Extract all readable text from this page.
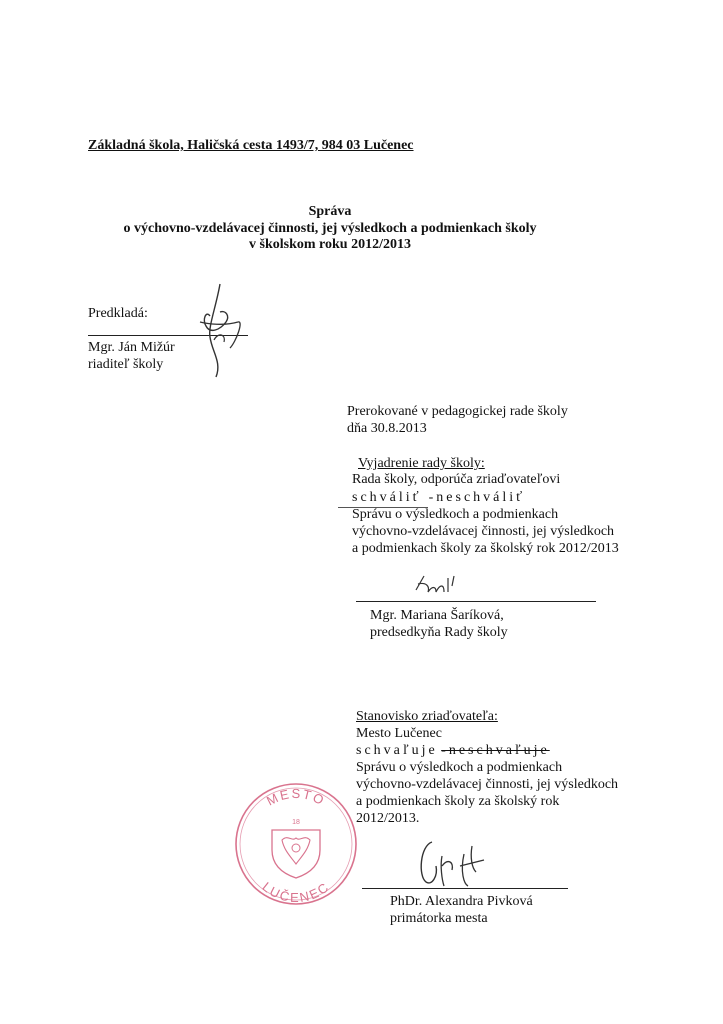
Základná škola, Haličská cesta 1493/7, 984 03 Lučenec
Správa
o výchovno-vzdelávacej činnosti, jej výsledkoch a podmienkach školy
v školskom roku 2012/2013
Predkladá:
Mgr. Ján Mižúr
riaditeľ školy
Prerokované v pedagogickej rade školy
dňa 30.8.2013
Vyjadrenie rady školy:
Rada školy, odporúča zriaďovateľovi
schváliť -neschváliť
Správu o výsledkoch a podmienkach
výchovno-vzdelávacej činnosti, jej výsledkoch
a podmienkach školy za školský rok 2012/2013
Mgr. Mariana Šaríková,
predsedkyňa Rady školy
Stanovisko zriaďovateľa:
Mesto Lučenec
schvaľuje -neschvaľuje
Správu o výsledkoch a podmienkach
výchovno-vzdelávacej činnosti, jej výsledkoch
a podmienkach školy za školský rok
2012/2013.
MESTO
LUČENEC
18
PhDr. Alexandra Pivková
primátorka mesta
